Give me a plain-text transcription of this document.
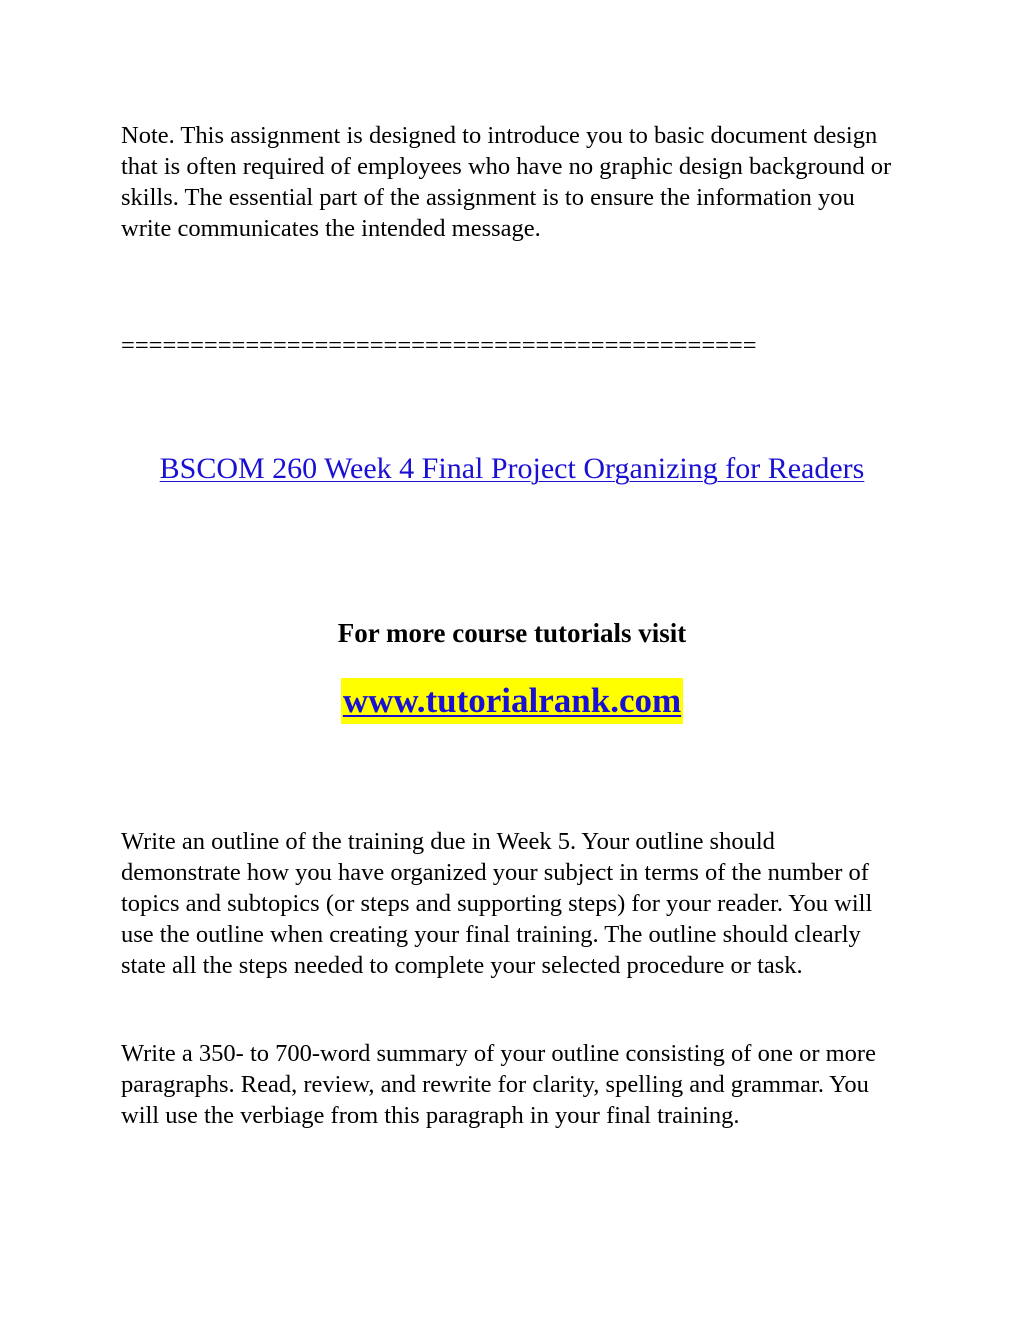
Note. This assignment is designed to introduce you to basic document design that is often required of employees who have no graphic design background or skills. The essential part of the assignment is to ensure the information you write communicates the intended message.

==============================================

BSCOM 260 Week 4 Final Project Organizing for Readers

For more course tutorials visit

www.tutorialrank.com

Write an outline of the training due in Week 5. Your outline should demonstrate how you have organized your subject in terms of the number of topics and subtopics (or steps and supporting steps) for your reader. You will use the outline when creating your final training. The outline should clearly state all the steps needed to complete your selected procedure or task.

Write a 350- to 700-word summary of your outline consisting of one or more paragraphs. Read, review, and rewrite for clarity, spelling and grammar. You will use the verbiage from this paragraph in your final training.
